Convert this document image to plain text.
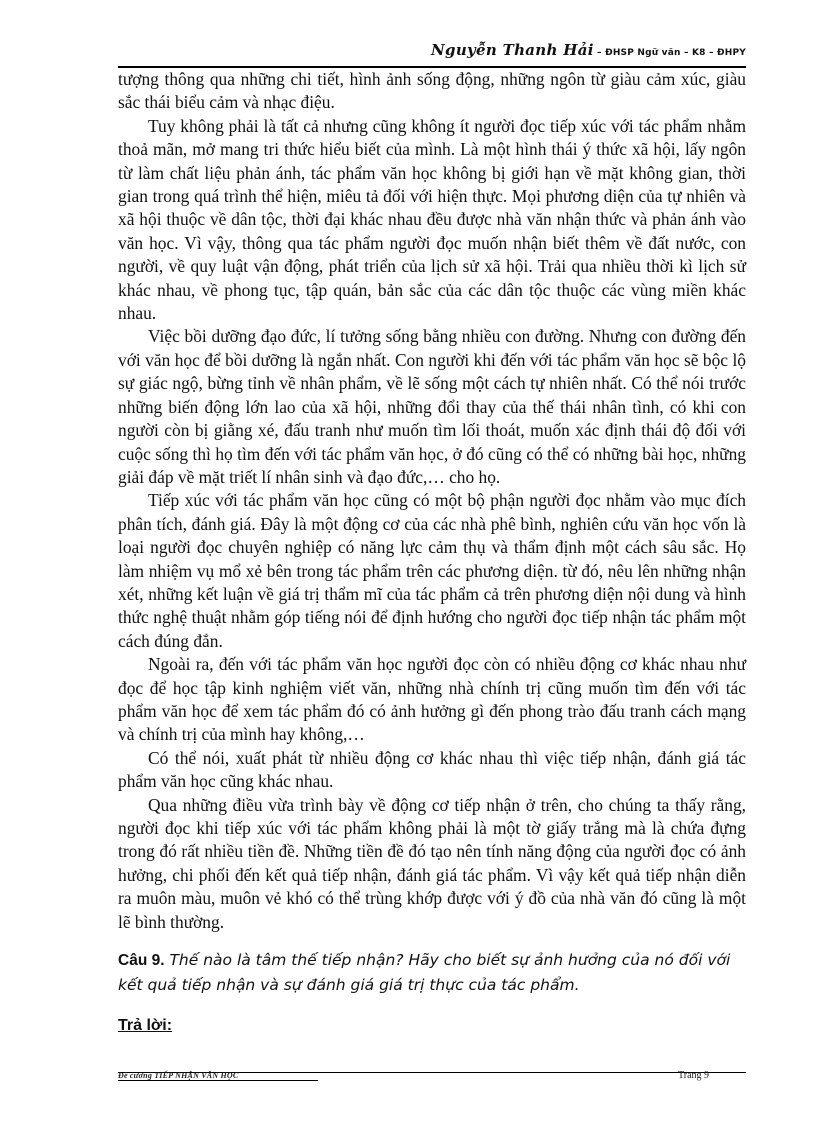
Nguyễn Thanh Hải – ĐHSP Ngữ văn – K8 – ĐHPY

tượng thông qua những chi tiết, hình ảnh sống động, những ngôn từ giàu cảm xúc, giàu sắc thái biểu cảm và nhạc điệu.

Tuy không phải là tất cả nhưng cũng không ít người đọc tiếp xúc với tác phẩm nhằm thoả mãn, mở mang tri thức hiểu biết của mình. Là một hình thái ý thức xã hội, lấy ngôn từ làm chất liệu phản ánh, tác phẩm văn học không bị giới hạn về mặt không gian, thời gian trong quá trình thể hiện, miêu tả đối với hiện thực. Mọi phương diện của tự nhiên và xã hội thuộc về dân tộc, thời đại khác nhau đều được nhà văn nhận thức và phản ánh vào văn học. Vì vậy, thông qua tác phẩm người đọc muốn nhận biết thêm về đất nước, con người, về quy luật vận động, phát triển của lịch sử xã hội. Trải qua nhiều thời kì lịch sử khác nhau, về phong tục, tập quán, bản sắc của các dân tộc thuộc các vùng miền khác nhau.

Việc bồi dưỡng đạo đức, lí tưởng sống bằng nhiều con đường. Nhưng con đường đến với văn học để bồi dưỡng là ngắn nhất. Con người khi đến với tác phẩm văn học sẽ bộc lộ sự giác ngộ, bừng tỉnh về nhân phẩm, về lẽ sống một cách tự nhiên nhất. Có thể nói trước những biến động lớn lao của xã hội, những đổi thay của thế thái nhân tình, có khi con người còn bị giằng xé, đấu tranh như muốn tìm lối thoát, muốn xác định thái độ đối với cuộc sống thì họ tìm đến với tác phẩm văn học, ở đó cũng có thể có những bài học, những giải đáp về mặt triết lí nhân sinh và đạo đức,… cho họ.

Tiếp xúc với tác phẩm văn học cũng có một bộ phận người đọc nhằm vào mục đích phân tích, đánh giá. Đây là một động cơ của các nhà phê bình, nghiên cứu văn học vốn là loại người đọc chuyên nghiệp có năng lực cảm thụ và thẩm định một cách sâu sắc. Họ làm nhiệm vụ mổ xẻ bên trong tác phẩm trên các phương diện. từ đó, nêu lên những nhận xét, những kết luận về giá trị thẩm mĩ của tác phẩm cả trên phương diện nội dung và hình thức nghệ thuật nhằm góp tiếng nói để định hướng cho người đọc tiếp nhận tác phẩm một cách đúng đắn.

Ngoài ra, đến với tác phẩm văn học người đọc còn có nhiều động cơ khác nhau như đọc để học tập kinh nghiệm viết văn, những nhà chính trị cũng muốn tìm đến với tác phẩm văn học để xem tác phẩm đó có ảnh hưởng gì đến phong trào đấu tranh cách mạng và chính trị của mình hay không,…

Có thể nói, xuất phát từ nhiều động cơ khác nhau thì việc tiếp nhận, đánh giá tác phẩm văn học cũng khác nhau.

Qua những điều vừa trình bày về động cơ tiếp nhận ở trên, cho chúng ta thấy rằng, người đọc khi tiếp xúc với tác phẩm không phải là một tờ giấy trắng mà là chứa đựng trong đó rất nhiều tiền đề. Những tiền đề đó tạo nên tính năng động của người đọc có ảnh hưởng, chi phối đến kết quả tiếp nhận, đánh giá tác phẩm. Vì vậy kết quả tiếp nhận diễn ra muôn màu, muôn vẻ khó có thể trùng khớp được với ý đồ của nhà văn đó cũng là một lẽ bình thường.

Câu 9. Thế nào là tâm thế tiếp nhận? Hãy cho biết sự ảnh hưởng của nó đối với kết quả tiếp nhận và sự đánh giá giá trị thực của tác phẩm.
Trả lời:
Đề cương TIẾP NHẬN VĂN HỌC	Trang 9
